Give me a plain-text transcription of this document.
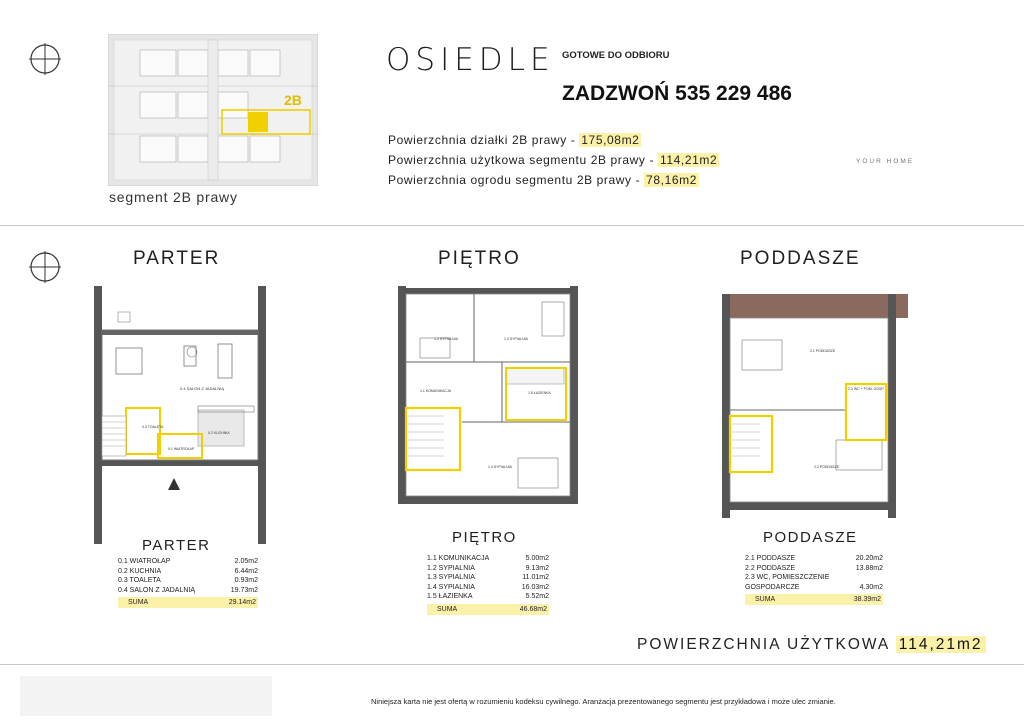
2B
segment 2B prawy
OSIEDLE GOTOWE DO ODBIORU
ZADZWOŃ 535 229 486
Powierzchnia działki 2B prawy - 175,08m2
Powierzchnia użytkowa segmentu 2B prawy - 114,21m2
Powierzchnia ogrodu segmentu 2B prawy - 78,16m2
YOUR HOME
PARTER	PIĘTRO	PODDASZE
0.4 SALON Z JADALNIĄ
0.3 TOALETA
0.2 KUCHNIA
0.1 WIATROŁAP
1.2 SYPIALNIA	1.3 SYPIALNIA
1.1 KOMUNIKACJA	1.5 ŁAZIENKA
1.4 SYPIALNIA
2.1 PODDASZE
2.3 WC + POM. GOSP.
2.2 PODDASZE
PARTER
0.1 WIATROŁAP	2.05m2
0.2 KUCHNIA	6.44m2
0.3 TOALETA	0.93m2
0.4 SALON Z JADALNIĄ	19.73m2
SUMA	29.14m2
PIĘTRO
1.1 KOMUNIKACJA	5.00m2
1.2 SYPIALNIA	9.13m2
1.3 SYPIALNIA	11.01m2
1.4 SYPIALNIA	16.03m2
1.5 ŁAZIENKA	5.52m2
SUMA	46.68m2
PODDASZE
2.1 PODDASZE	20.20m2
2.2 PODDASZE	13.88m2
2.3 WC, POMIESZCZENIE GOSPODARCZE	4.30m2
SUMA	38.39m2
POWIERZCHNIA UŻYTKOWA 114,21m2
Niniejsza karta nie jest ofertą w rozumieniu kodeksu cywilnego. Aranżacja prezentowanego segmentu jest przykładowa i może ulec zmianie.
